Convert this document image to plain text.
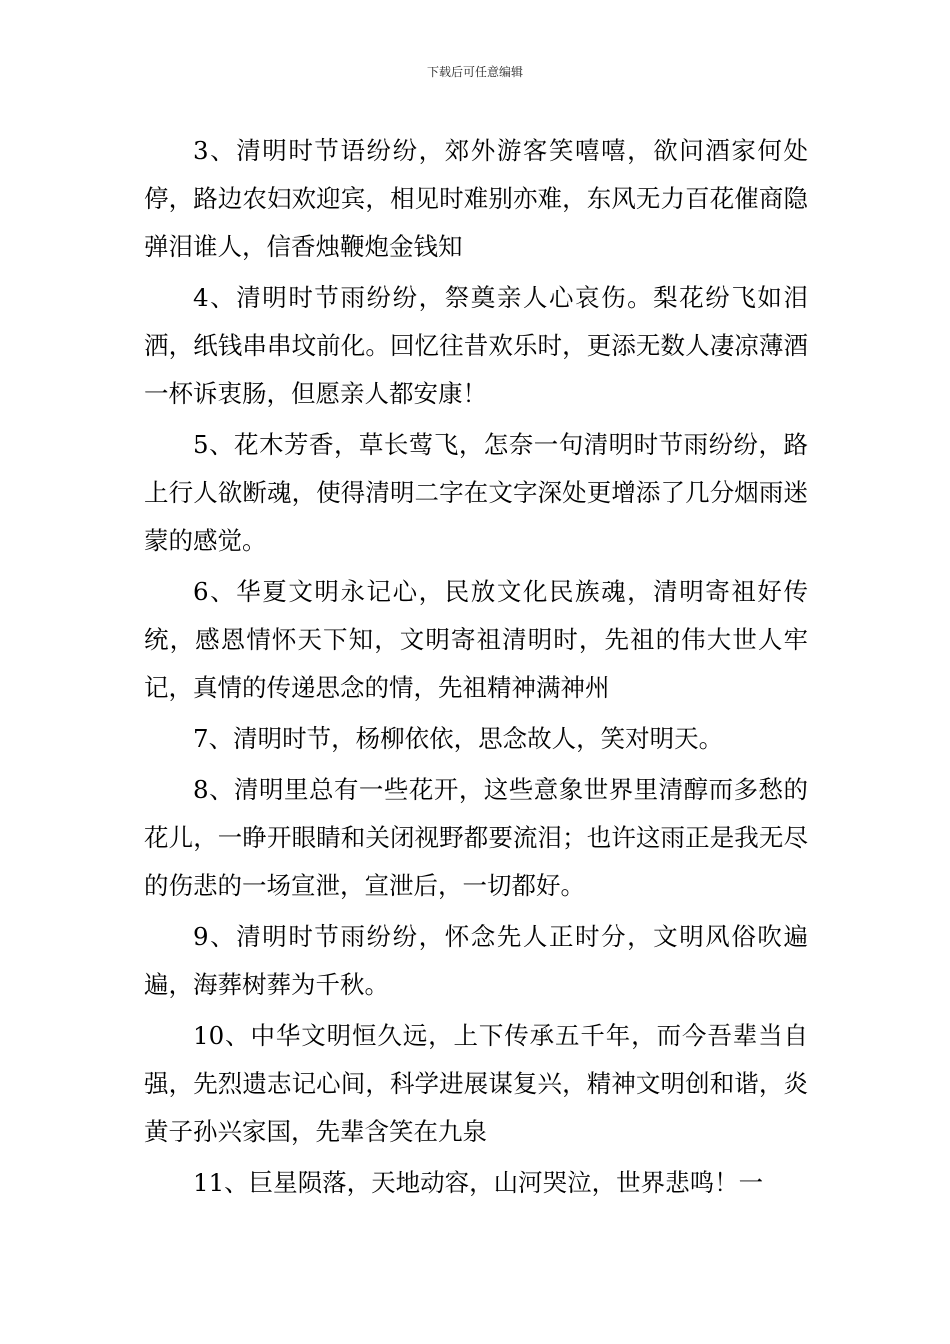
下载后可任意编辑

3、清明时节语纷纷，郊外游客笑嘻嘻，欲问酒家何处停，路边农妇欢迎宾，相见时难别亦难，东风无力百花催商隐弹泪谁人，信香烛鞭炮金钱知

4、清明时节雨纷纷，祭奠亲人心哀伤。梨花纷飞如泪洒，纸钱串串坟前化。回忆往昔欢乐时，更添无数人凄凉薄酒一杯诉衷肠，但愿亲人都安康！

5、花木芳香，草长莺飞，怎奈一句清明时节雨纷纷，路上行人欲断魂，使得清明二字在文字深处更增添了几分烟雨迷蒙的感觉。

6、华夏文明永记心，民放文化民族魂，清明寄祖好传统，感恩情怀天下知，文明寄祖清明时，先祖的伟大世人牢记，真情的传递思念的情，先祖精神满神州

7、清明时节，杨柳依依，思念故人，笑对明天。

8、清明里总有一些花开，这些意象世界里清醇而多愁的花儿，一睁开眼睛和关闭视野都要流泪；也许这雨正是我无尽的伤悲的一场宣泄，宣泄后，一切都好。

9、清明时节雨纷纷，怀念先人正时分，文明风俗吹遍遍，海葬树葬为千秋。

10、中华文明恒久远，上下传承五千年，而今吾辈当自强，先烈遗志记心间，科学进展谋复兴，精神文明创和谐，炎黄子孙兴家国，先辈含笑在九泉

11、巨星陨落，天地动容，山河哭泣，世界悲鸣！一
